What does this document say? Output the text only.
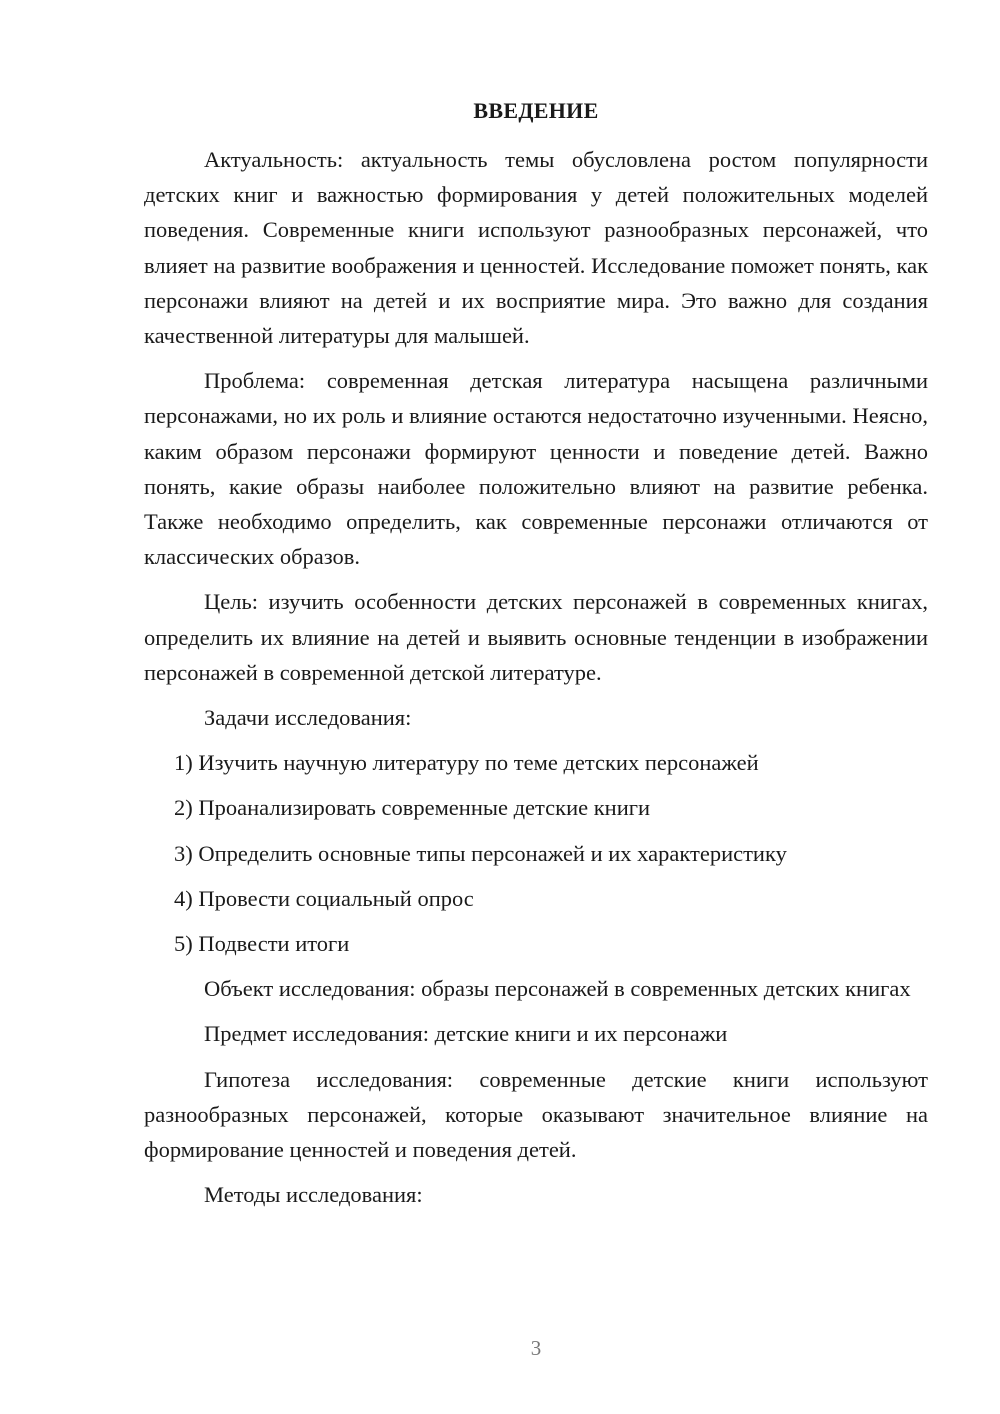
ВВЕДЕНИЕ

Актуальность: актуальность темы обусловлена ростом популярности детских книг и важностью формирования у детей положительных моделей поведения. Современные книги используют разнообразных персонажей, что влияет на развитие воображения и ценностей. Исследование поможет понять, как персонажи влияют на детей и их восприятие мира. Это важно для создания качественной литературы для малышей.

Проблема: современная детская литература насыщена различными персонажами, но их роль и влияние остаются недостаточно изученными. Неясно, каким образом персонажи формируют ценности и поведение детей. Важно понять, какие образы наиболее положительно влияют на развитие ребенка. Также необходимо определить, как современные персонажи отличаются от классических образов.

Цель: изучить особенности детских персонажей в современных книгах, определить их влияние на детей и выявить основные тенденции в изображении персонажей в современной детской литературе.

Задачи исследования:

1) Изучить научную литературу по теме детских персонажей
2) Проанализировать современные детские книги
3) Определить основные типы персонажей и их характеристику
4) Провести социальный опрос
5) Подвести итоги

Объект исследования: образы персонажей в современных детских книгах

Предмет исследования: детские книги и их персонажи

Гипотеза исследования: современные детские книги используют разнообразных персонажей, которые оказывают значительное влияние на формирование ценностей и поведения детей.

Методы исследования:

3
